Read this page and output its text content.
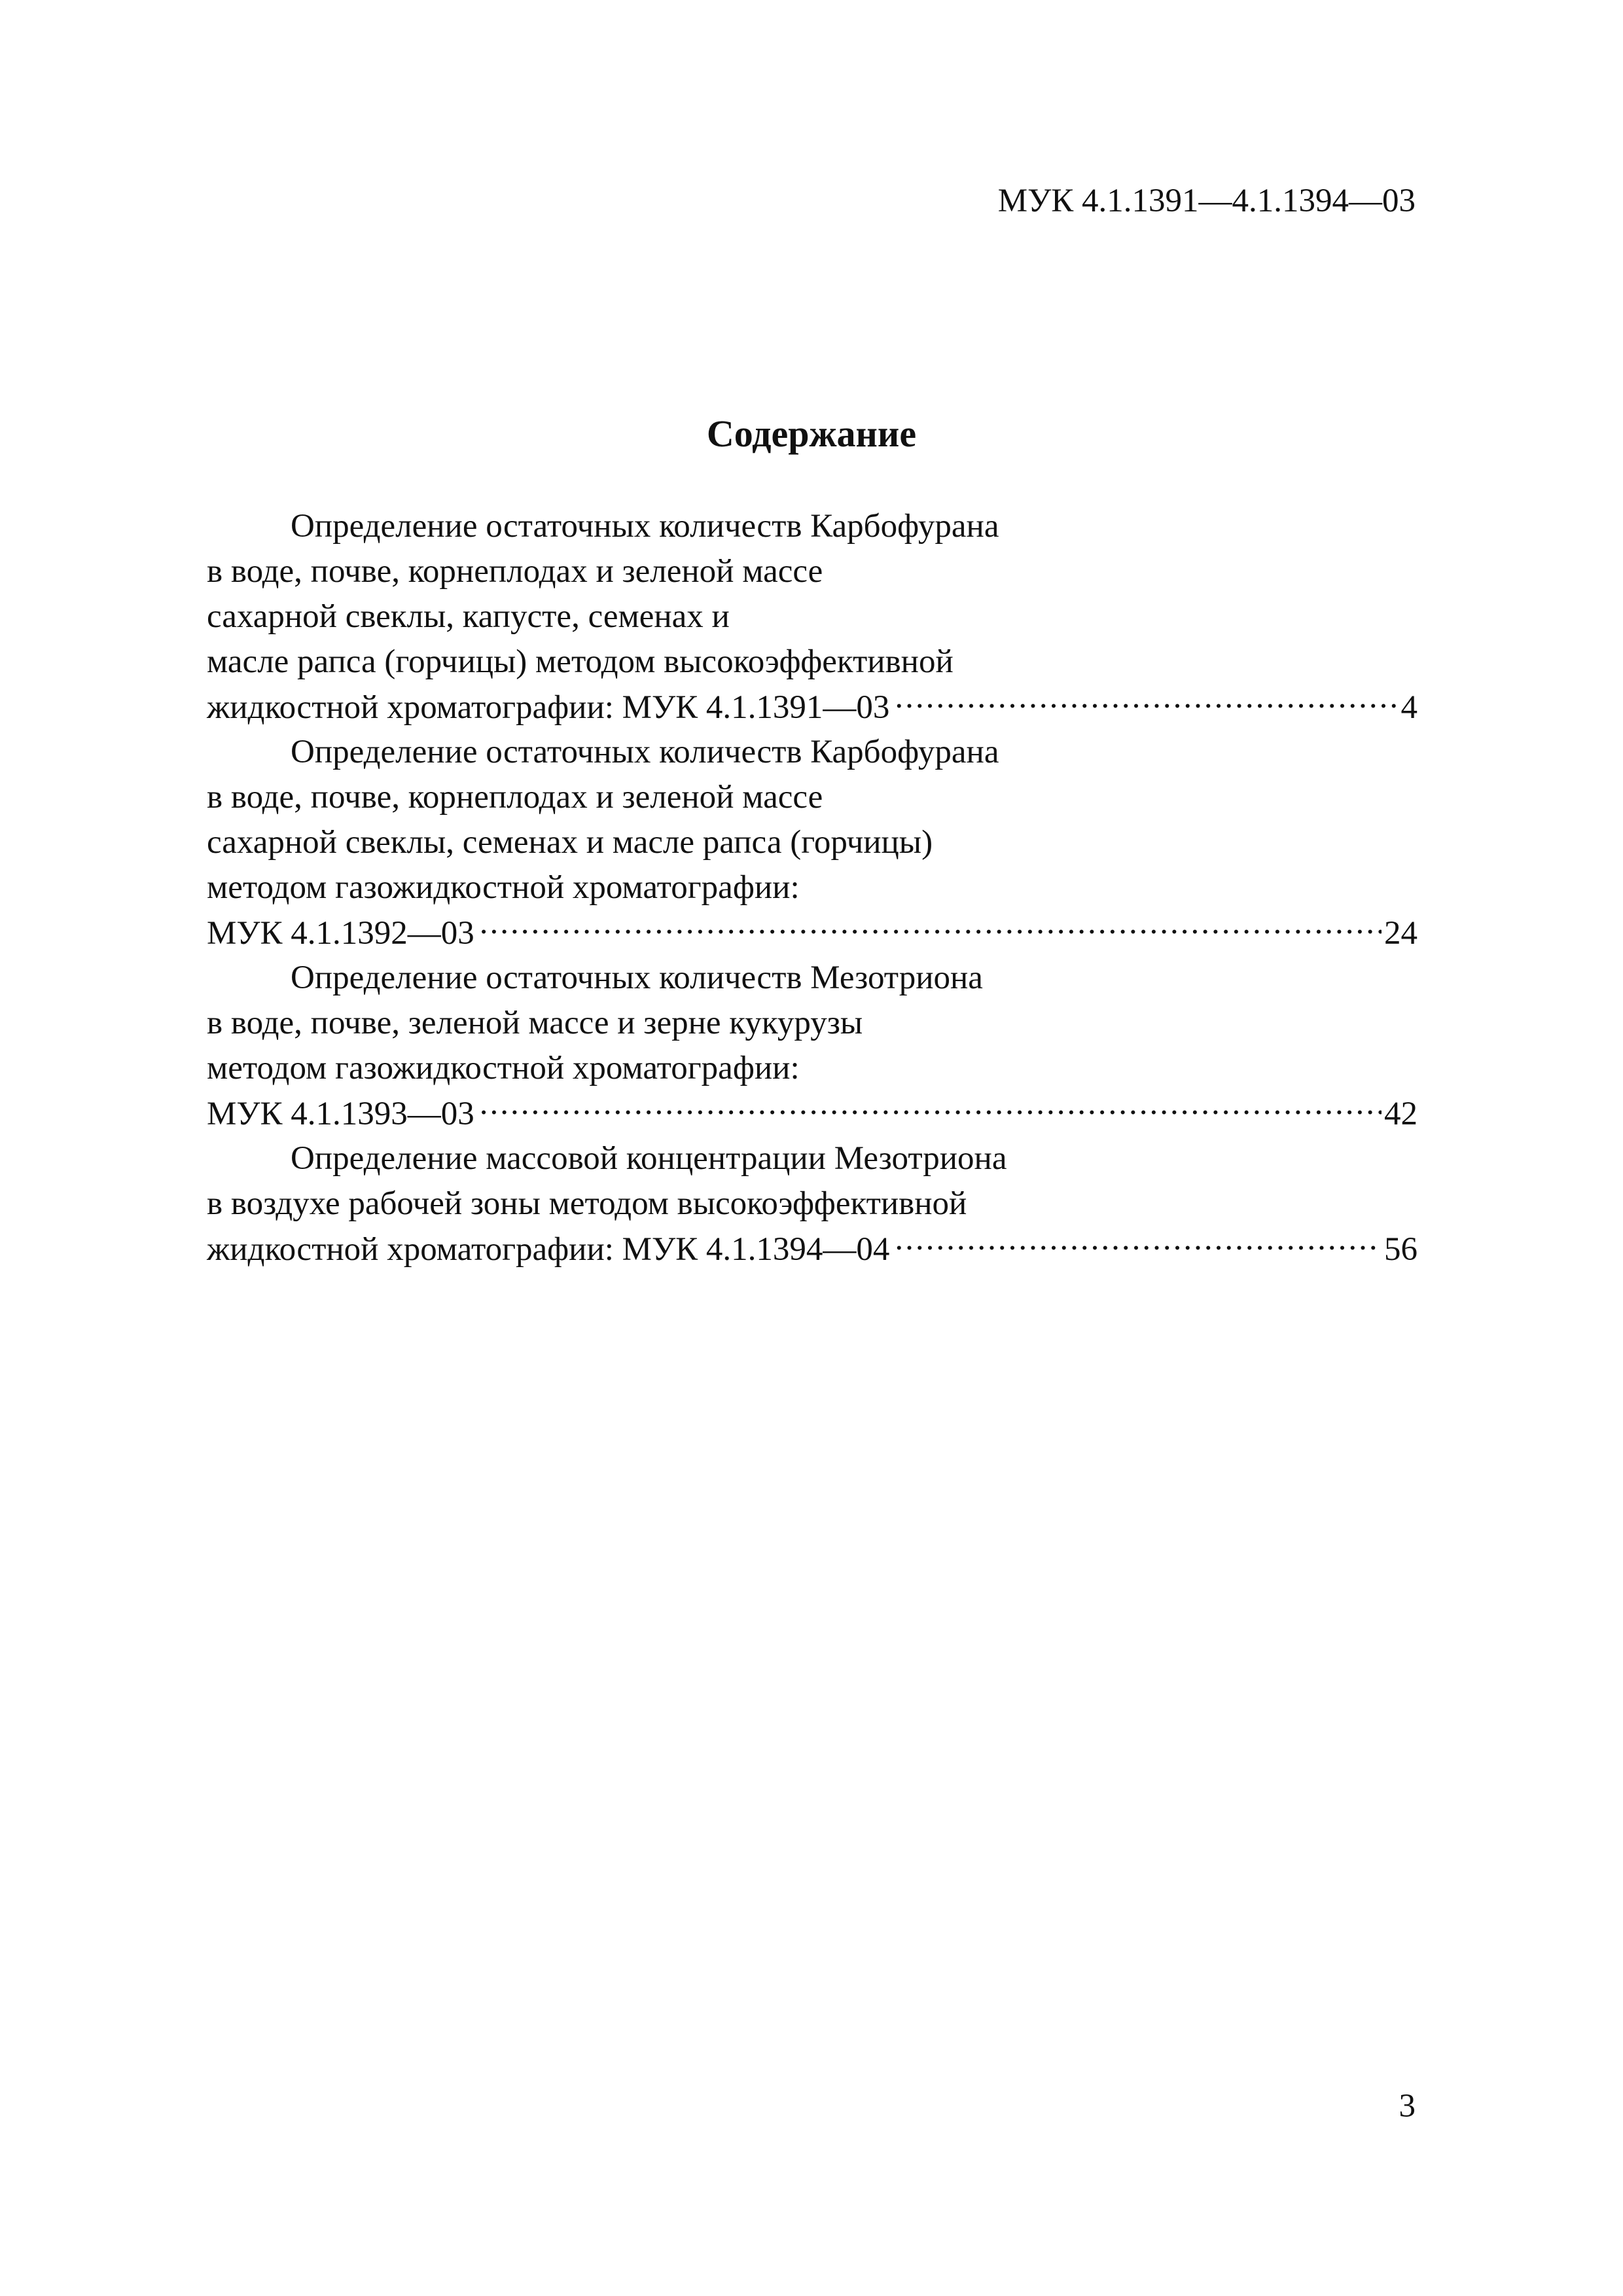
МУК 4.1.1391—4.1.1394—03
Содержание
Определение остаточных количеств Карбофурана
в воде, почве, корнеплодах и зеленой массе
сахарной свеклы, капусте, семенах и
масле рапса (горчицы) методом высокоэффективной
жидкостной хроматографии: МУК 4.1.1391—03 .....	4
Определение остаточных количеств Карбофурана
в воде, почве, корнеплодах и зеленой массе
сахарной свеклы, семенах и масле рапса (горчицы)
методом газожидкостной хроматографии:
МУК 4.1.1392—03 .....	24
Определение остаточных количеств Мезотриона
в воде, почве, зеленой массе и зерне кукурузы
методом газожидкостной хроматографии:
МУК 4.1.1393—03 .....	42
Определение массовой концентрации Мезотриона
в воздухе рабочей зоны методом высокоэффективной
жидкостной хроматографии: МУК 4.1.1394—04 .....	56
3
